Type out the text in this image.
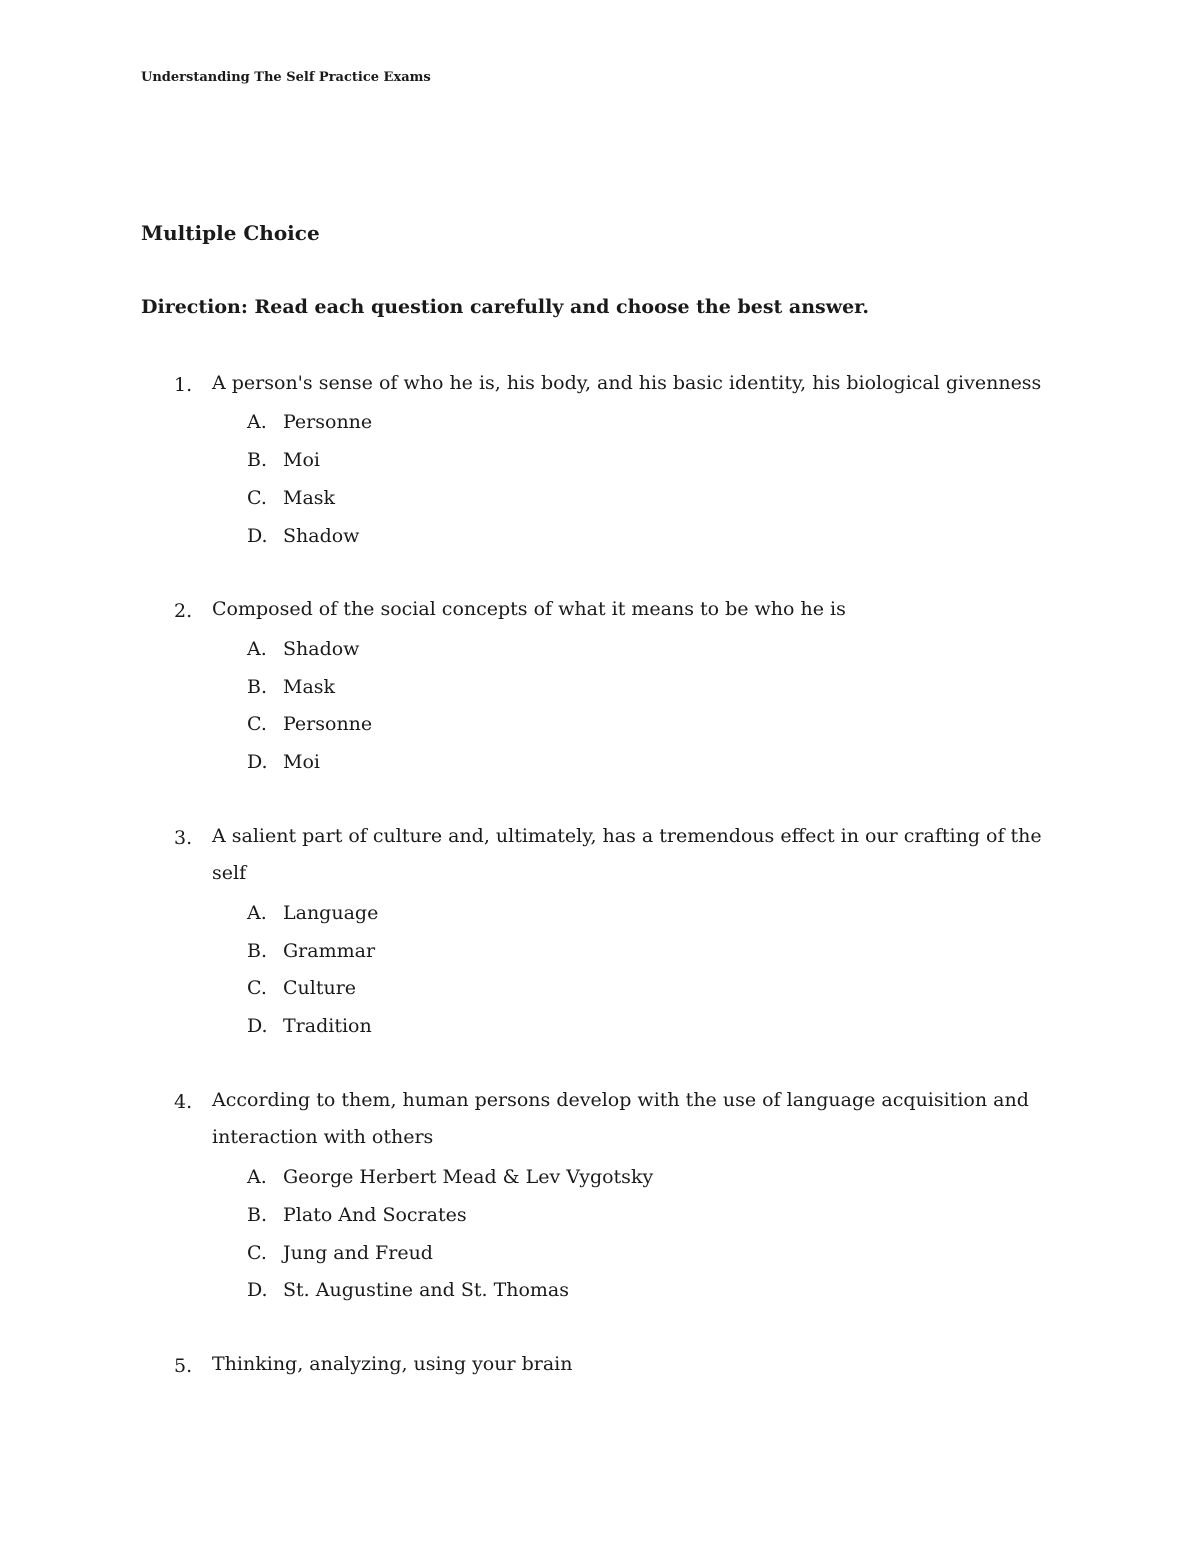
Understanding The Self Practice Exams
Multiple Choice
Direction: Read each question carefully and choose the best answer.
1. A person's sense of who he is, his body, and his basic identity, his biological givenness
A. Personne
B. Moi
C. Mask
D. Shadow
2. Composed of the social concepts of what it means to be who he is
A. Shadow
B. Mask
C. Personne
D. Moi
3. A salient part of culture and, ultimately, has a tremendous effect in our crafting of the self
A. Language
B. Grammar
C. Culture
D. Tradition
4. According to them, human persons develop with the use of language acquisition and interaction with others
A. George Herbert Mead & Lev Vygotsky
B. Plato And Socrates
C. Jung and Freud
D. St. Augustine and St. Thomas
5. Thinking, analyzing, using your brain
